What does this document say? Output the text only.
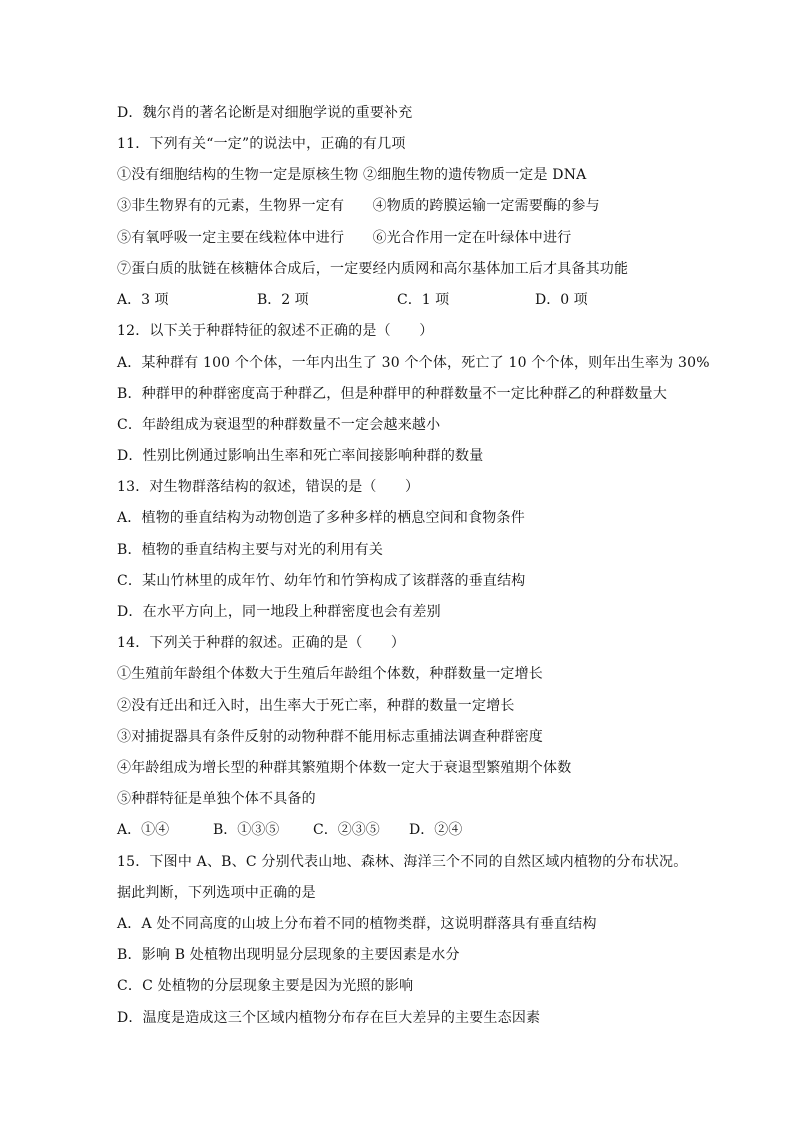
D．魏尔肖的著名论断是对细胞学说的重要补充
11．下列有关“一定”的说法中，正确的有几项
①没有细胞结构的生物一定是原核生物 ②细胞生物的遗传物质一定是 DNA
③非生物界有的元素，生物界一定有　　④物质的跨膜运输一定需要酶的参与
⑤有氧呼吸一定主要在线粒体中进行　　⑥光合作用一定在叶绿体中进行
⑦蛋白质的肽链在核糖体合成后，一定要经内质网和高尔基体加工后才具备其功能
A．3 项	B．2 项	C．1 项	D．0 项
12．以下关于种群特征的叙述不正确的是（　　）
A．某种群有 100 个个体，一年内出生了 30 个个体，死亡了 10 个个体，则年出生率为 30%
B．种群甲的种群密度高于种群乙，但是种群甲的种群数量不一定比种群乙的种群数量大
C．年龄组成为衰退型的种群数量不一定会越来越小
D．性别比例通过影响出生率和死亡率间接影响种群的数量
13．对生物群落结构的叙述，错误的是（　　）
A．植物的垂直结构为动物创造了多种多样的栖息空间和食物条件
B．植物的垂直结构主要与对光的利用有关
C．某山竹林里的成年竹、幼年竹和竹笋构成了该群落的垂直结构
D．在水平方向上，同一地段上种群密度也会有差别
14．下列关于种群的叙述。正确的是（　　）
①生殖前年龄组个体数大于生殖后年龄组个体数，种群数量一定增长
②没有迁出和迁入时，出生率大于死亡率，种群的数量一定增长
③对捕捉器具有条件反射的动物种群不能用标志重捕法调查种群密度
④年龄组成为增长型的种群其繁殖期个体数一定大于衰退型繁殖期个体数
⑤种群特征是单独个体不具备的
A．①④	B．①③⑤ C．②③⑤ D．②④
15．下图中 A、B、C 分别代表山地、森林、海洋三个不同的自然区域内植物的分布状况。
据此判断，下列选项中正确的是
A．A 处不同高度的山坡上分布着不同的植物类群，这说明群落具有垂直结构
B．影响 B 处植物出现明显分层现象的主要因素是水分
C．C 处植物的分层现象主要是因为光照的影响
D．温度是造成这三个区域内植物分布存在巨大差异的主要生态因素
